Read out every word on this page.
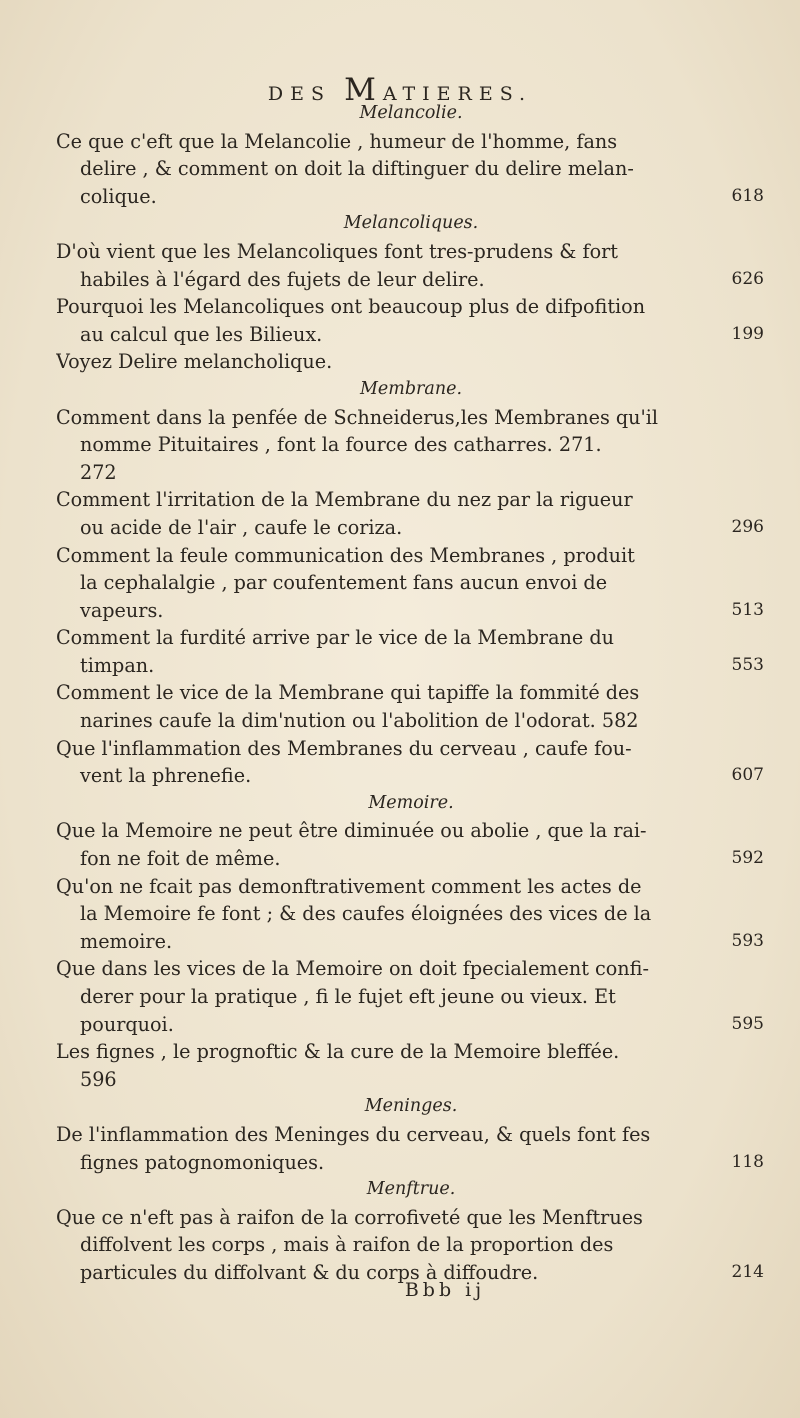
DES MATIERES.
Melancolie.
Ce que c'eft que la Melancolie , humeur de l'homme, fans
delire , & comment on doit la diftinguer du delire melan-
colique.	618
Melancoliques.
D'où vient que les Melancoliques font tres-prudens & fort
habiles à l'égard des fujets de leur delire.	626
Pourquoi les Melancoliques ont beaucoup plus de difpofition
au calcul que les Bilieux.	199
Voyez Delire melancholique.
Membrane.
Comment dans la penfée de Schneiderus,les Membranes qu'il
nomme Pituitaires , font la fource des catharres. 271.
272
Comment l'irritation de la Membrane du nez par la rigueur
ou acide de l'air , caufe le coriza.	296
Comment la feule communication des Membranes , produit
la cephalalgie , par coufentement fans aucun envoi de
vapeurs.	513
Comment la furdité arrive par le vice de la Membrane du
timpan.	553
Comment le vice de la Membrane qui tapiffe la fommité des
narines caufe la dim'nution ou l'abolition de l'odorat. 582
Que l'inflammation des Membranes du cerveau , caufe fou-
vent la phrenefie.	607
Memoire.
Que la Memoire ne peut être diminuée ou abolie , que la rai-
fon ne foit de même.	592
Qu'on ne fcait pas demonftrativement comment les actes de
la Memoire fe font ; & des caufes éloignées des vices de la
memoire.	593
Que dans les vices de la Memoire on doit fpecialement confi-
derer pour la pratique , fi le fujet eft jeune ou vieux. Et
pourquoi.	595
Les fignes , le prognoftic & la cure de la Memoire bleffée.
596
Meninges.
De l'inflammation des Meninges du cerveau, & quels font fes
fignes patognomoniques.	118
Menftrue.
Que ce n'eft pas à raifon de la corrofiveté que les Menftrues
diffolvent les corps , mais à raifon de la proportion des
particules du diffolvant & du corps à diffoudre.	214
Bbb ij
